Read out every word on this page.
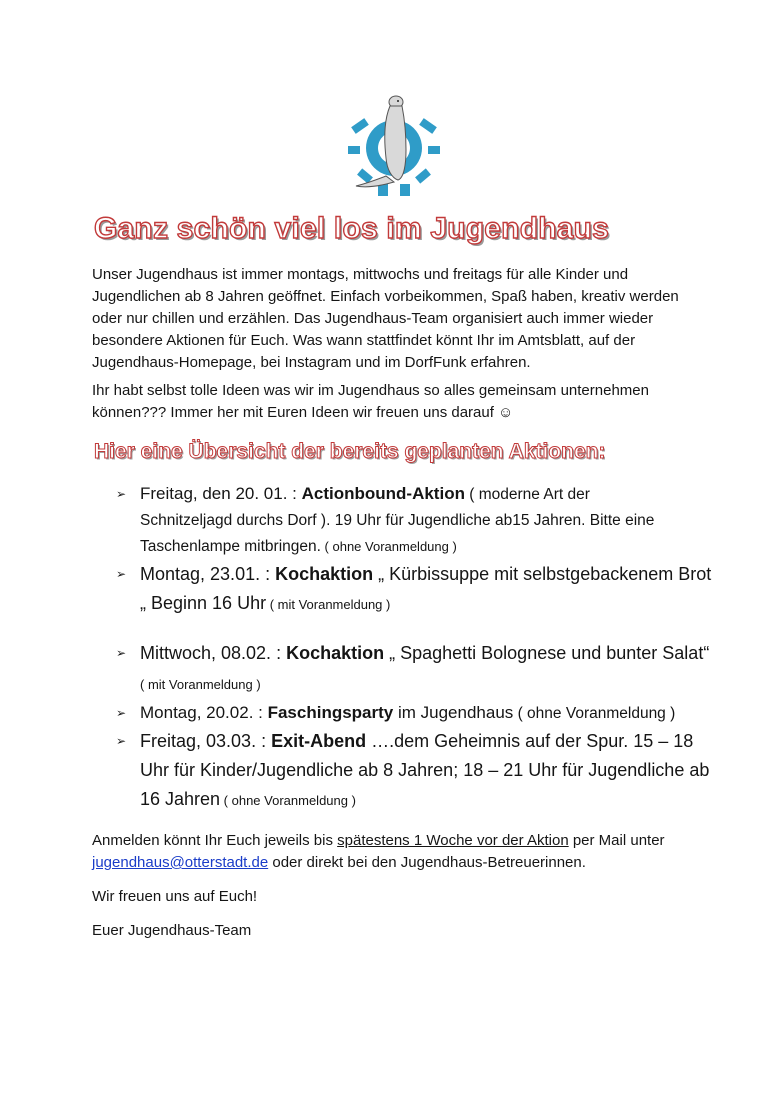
Ganz schön viel los im Jugendhaus

Unser Jugendhaus ist immer montags, mittwochs und freitags für alle Kinder und Jugendlichen ab 8 Jahren geöffnet. Einfach vorbeikommen, Spaß haben, kreativ werden oder nur chillen und erzählen. Das Jugendhaus-Team organisiert auch immer wieder besondere Aktionen für Euch. Was wann stattfindet könnt Ihr im Amtsblatt, auf der Jugendhaus-Homepage, bei Instagram und im DorfFunk erfahren.

Ihr habt selbst tolle Ideen was wir im Jugendhaus so alles gemeinsam unternehmen können??? Immer her mit Euren Ideen wir freuen uns darauf ☺

Hier eine Übersicht der bereits geplanten Aktionen:
➢ Freitag, den 20. 01. : Actionbound-Aktion ( moderne Art der
Schnitzeljagd durchs Dorf ). 19 Uhr für Jugendliche ab15 Jahren. Bitte eine Taschenlampe mitbringen. ( ohne Voranmeldung )
➢ Montag, 23.01. : Kochaktion „ Kürbissuppe mit selbstgebackenem Brot „ Beginn 16 Uhr ( mit Voranmeldung )
➢ Mittwoch, 08.02. : Kochaktion „ Spaghetti Bolognese und bunter Salat“ ( mit Voranmeldung )
➢ Montag, 20.02. : Faschingsparty im Jugendhaus ( ohne Voranmeldung )
➢ Freitag, 03.03. : Exit-Abend ….dem Geheimnis auf der Spur. 15 – 18 Uhr für Kinder/Jugendliche ab 8 Jahren; 18 – 21 Uhr für Jugendliche ab 16 Jahren ( ohne Voranmeldung )

Anmelden könnt Ihr Euch jeweils bis spätestens 1 Woche vor der Aktion per Mail unter jugendhaus@otterstadt.de oder direkt bei den Jugendhaus-Betreuerinnen.

Wir freuen uns auf Euch!

Euer Jugendhaus-Team
